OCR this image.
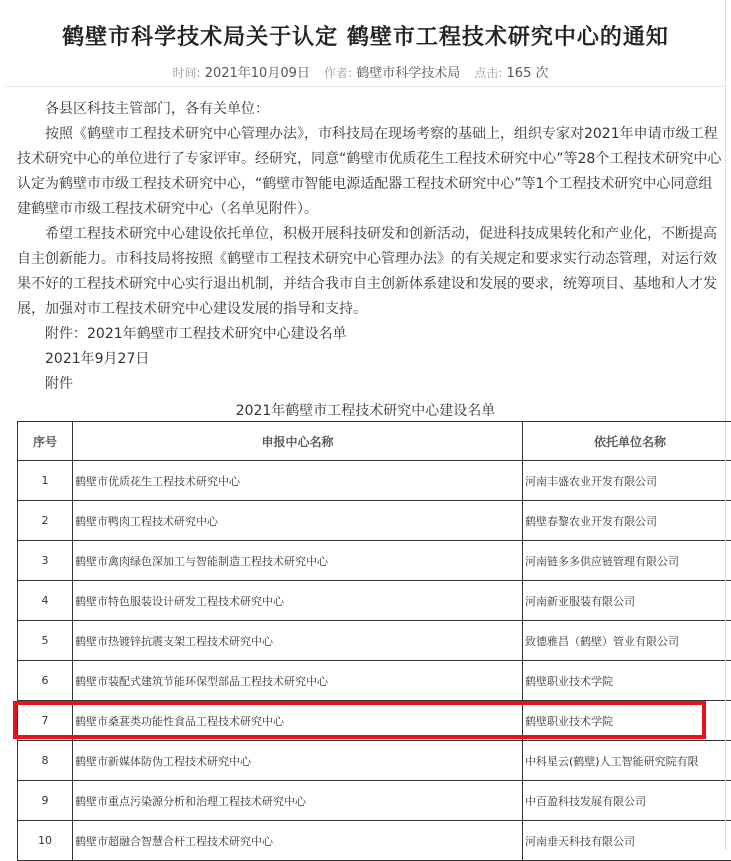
鹤壁市科学技术局关于认定 鹤壁市工程技术研究中心的通知
时间: 2021年10月09日 作者: 鹤壁市科学技术局 点击: 165 次

各县区科技主管部门，各有关单位：

按照《鹤壁市工程技术研究中心管理办法》，市科技局在现场考察的基础上，组织专家对2021年申请市级工程技术研究中心的单位进行了专家评审。经研究，同意“鹤壁市优质花生工程技术研究中心”等28个工程技术研究中心认定为鹤壁市市级工程技术研究中心，“鹤壁市智能电源适配器工程技术研究中心”等1个工程技术研究中心同意组建鹤壁市市级工程技术研究中心（名单见附件）。

希望工程技术研究中心建设依托单位，积极开展科技研发和创新活动，促进科技成果转化和产业化，不断提高自主创新能力。市科技局将按照《鹤壁市工程技术研究中心管理办法》的有关规定和要求实行动态管理，对运行效果不好的工程技术研究中心实行退出机制，并结合我市自主创新体系建设和发展的要求，统筹项目、基地和人才发展，加强对市工程技术研究中心建设发展的指导和支持。

附件：2021年鹤壁市工程技术研究中心建设名单

2021年9月27日

附件

2021年鹤壁市工程技术研究中心建设名单
序号	申报中心名称	依托单位名称
1	鹤壁市优质花生工程技术研究中心	河南丰盛农业开发有限公司
2	鹤壁市鸭肉工程技术研究中心	鹤壁春黎农业开发有限公司
3	鹤壁市禽肉绿色深加工与智能制造工程技术研究中心	河南链多多供应链管理有限公司
4	鹤壁市特色服装设计研发工程技术研究中心	河南新亚服装有限公司
5	鹤壁市热镀锌抗震支架工程技术研究中心	致德雅昌（鹤壁）管业有限公司
6	鹤壁市装配式建筑节能环保型部品工程技术研究中心	鹤壁职业技术学院
7	鹤壁市桑葚类功能性食品工程技术研究中心	鹤壁职业技术学院
8	鹤壁市新媒体防伪工程技术研究中心	中科星云(鹤壁)人工智能研究院有限
9	鹤壁市重点污染源分析和治理工程技术研究中心	中百盈科技发展有限公司
10	鹤壁市超融合智慧合杆工程技术研究中心	河南垂天科技有限公司
